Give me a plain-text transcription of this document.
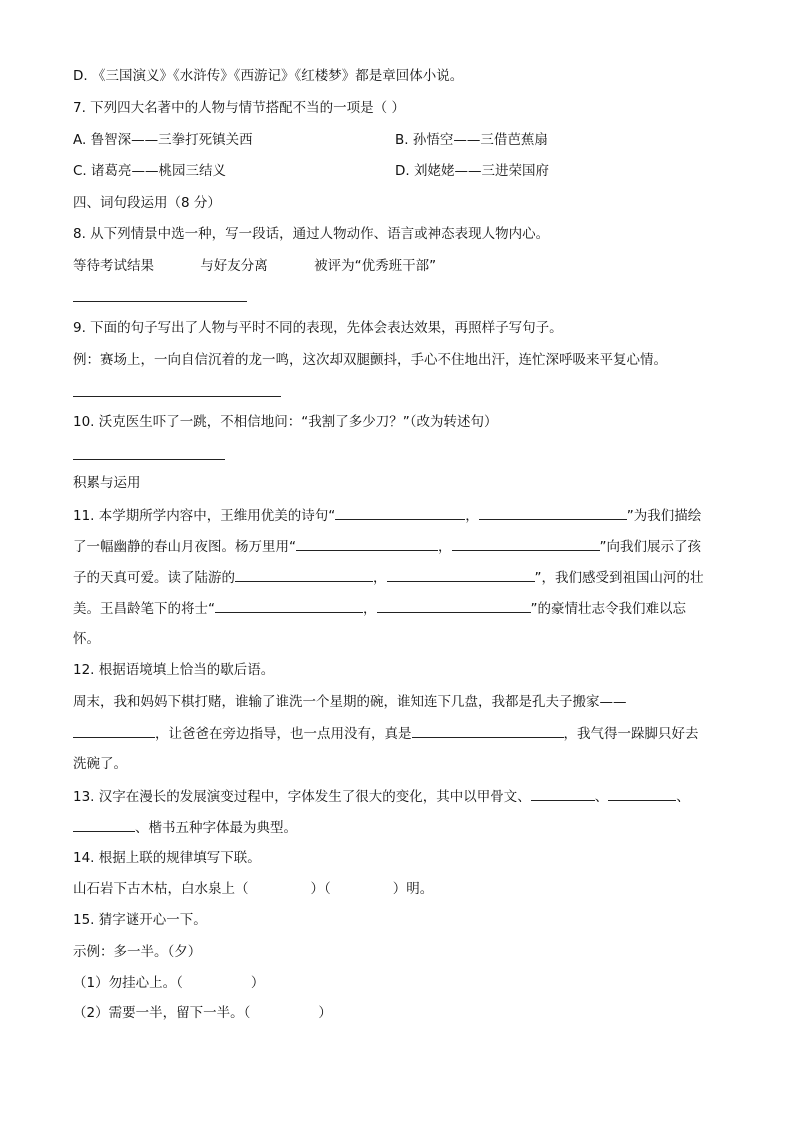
D. 《三国演义》《水浒传》《西游记》《红楼梦》都是章回体小说。
7. 下列四大名著中的人物与情节搭配不当的一项是（ ）
A. 鲁智深——三拳打死镇关西	B. 孙悟空——三借芭蕉扇
C. 诸葛亮——桃园三结义	D. 刘姥姥——三进荣国府
四、词句段运用（8 分）
8. 从下列情景中选一种，写一段话，通过人物动作、语言或神态表现人物内心。
等待考试结果	与好友分离	被评为“优秀班干部”
9. 下面的句子写出了人物与平时不同的表现，先体会表达效果，再照样子写句子。
例：赛场上，一向自信沉着的龙一鸣，这次却双腿颤抖，手心不住地出汗，连忙深呼吸来平复心情。
10. 沃克医生吓了一跳，不相信地问：“我割了多少刀？”（改为转述句）
积累与运用
11. 本学期所学内容中，王维用优美的诗句“	，	”为我们描绘
了一幅幽静的春山月夜图。杨万里用“	，	”向我们展示了孩
子的天真可爱。读了陆游的	，	”，我们感受到祖国山河的壮
美。王昌龄笔下的将士“	，	”的豪情壮志令我们难以忘
怀。
12. 根据语境填上恰当的歇后语。
周末，我和妈妈下棋打赌，谁输了谁洗一个星期的碗，谁知连下几盘，我都是孔夫子搬家——
，让爸爸在旁边指导，也一点用没有，真是	，我气得一跺脚只好去
洗碗了。
13. 汉字在漫长的发展演变过程中，字体发生了很大的变化，其中以甲骨文、	、	、
、楷书五种字体最为典型。
14. 根据上联的规律填写下联。
山石岩下古木枯，白水泉上（	）（	）明。
15. 猜字谜开心一下。
示例：多一半。（夕）
（1）勿挂心上。（	）
（2）需要一半，留下一半。（	）
